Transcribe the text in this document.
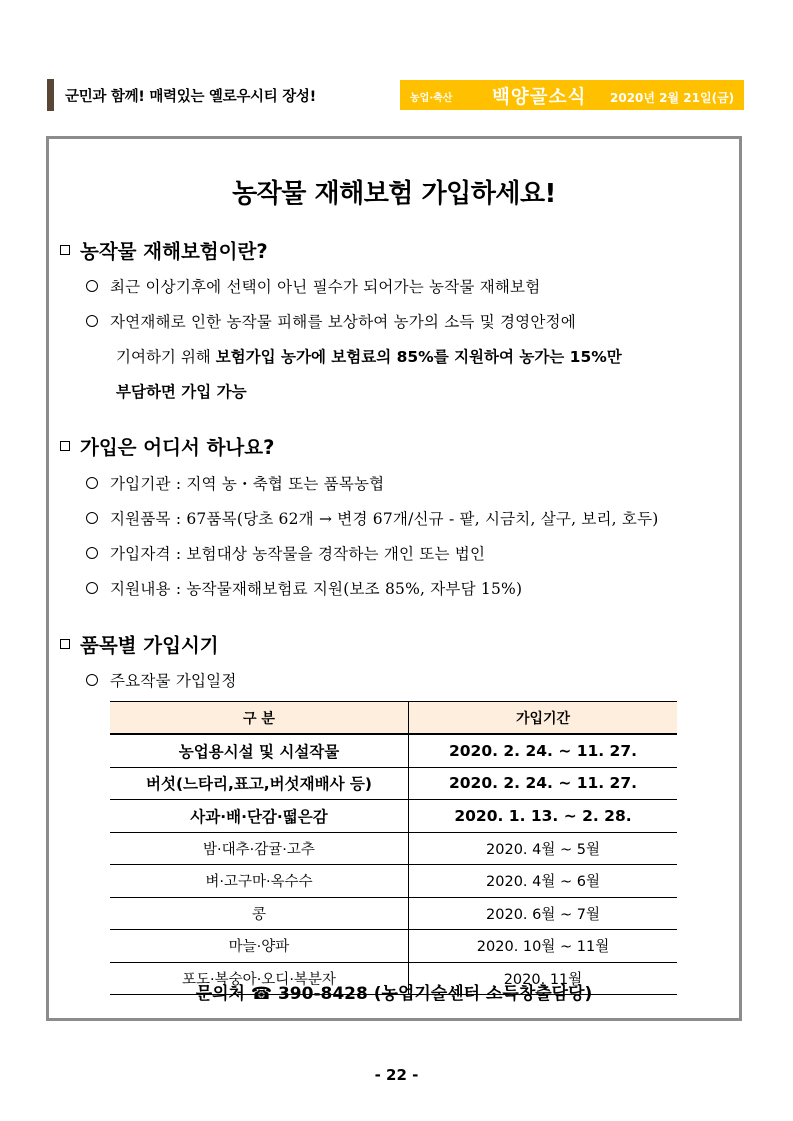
군민과 함께! 매력있는 옐로우시티 장성!	농업·축산 백양골소식 2020년 2월 21일(금)
농작물 재해보험 가입하세요!
농작물 재해보험이란?
최근 이상기후에 선택이 아닌 필수가 되어가는 농작물 재해보험
자연재해로 인한 농작물 피해를 보상하여 농가의 소득 및 경영안정에
기여하기 위해 보험가입 농가에 보험료의 85%를 지원하여 농가는 15%만
부담하면 가입 가능
가입은 어디서 하나요?
가입기관 : 지역 농・축협 또는 품목농협
지원품목 : 67품목(당초 62개 → 변경 67개/신규 - 팥, 시금치, 살구, 보리, 호두)
가입자격 : 보험대상 농작물을 경작하는 개인 또는 법인
지원내용 : 농작물재해보험료 지원(보조 85%, 자부담 15%)
품목별 가입시기
주요작물 가입일정
구 분	가입기간
농업용시설 및 시설작물	2020. 2. 24. ~ 11. 27.
버섯(느타리,표고,버섯재배사 등)	2020. 2. 24. ~ 11. 27.
사과·배·단감·떫은감	2020. 1. 13. ~ 2. 28.
밤·대추·감귤·고추	2020. 4월 ~ 5월
벼·고구마·옥수수	2020. 4월 ~ 6월
콩	2020. 6월 ~ 7월
마늘·양파	2020. 10월 ~ 11월
포도·복숭아·오디·복분자	2020. 11월
문의처 ☎ 390-8428 (농업기술센터 소득창출담당)
- 22 -
